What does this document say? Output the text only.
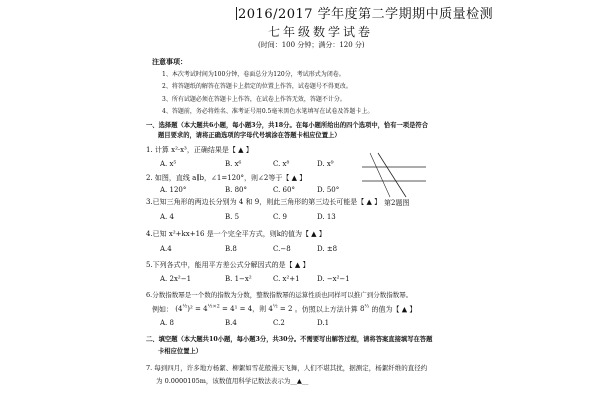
2016/2017 学年度第二学期期中质量检测
七年级数学试卷
(时间：100 分钟；满分：120 分)
注意事项：
1、本次考试时间为100分钟，卷面总分为120分，考试形式为闭卷。
2、将答题纸的解答在答题卡上指定的位置上作答，试卷题号不得更改。
3、所有试题必须在答题卡上作答，在试卷上作答无效，答题不计分。
4、答题前，务必将姓名、准考证号用0.5毫米黑色水笔填写在试卷及答题卡上。
一、选择题（本大题共6小题，每小题3分，共18分。在每小题所给出的四个选项中，恰有一项是符合
题目要求的，请将正确选项的字母代号填涂在答题卡相应位置上）
1. 计算 x²·x³，正确结果是【 ▲ 】
A. x⁵	B. x⁶	C. x⁸	D. x⁹
2. 如图，直线 a∥b，∠1=120°，则∠2等于【 ▲ 】
A. 120°	B. 80°	C. 60°	D. 50°
3.已知三角形的两边长分别为 4 和 9，则此三角形的第三边长可能是【 ▲ 】
A. 4	B. 5	C. 9	D. 13
4.已知 x²+kx+16 是一个完全平方式，则k的值为【 ▲ 】
A.4	B.8	C.−8	D. ±8
5.下列各式中，能用平方差公式分解因式的是【 ▲ 】
A. 2x²−1	B. 1−x²	C. x²+1 D. −x²−1
6.分数指数幂是一个数的指数为分数，整数指数幂的运算性质也同样可以推广到分数指数幂。
例如： $(4^{\frac{1}{2}})^2 = 4^{\frac{1}{2}\times 2} = 4^1 = 4$，则 $4^{\frac{1}{2}} = 2$ 。仿照以上方法计算 $8^{\frac{1}{3}}$ 的值为【 ▲ 】
A. 8	B.4	C.2	D.1
第2题图
二、填空题（本大题共10小题，每小题3分，共30分。不需要写出解答过程，请将答案直接填写在答题
卡相应位置上）
7. 每到四月，许多地方杨絮、柳絮如雪花般漫天飞舞，人们不堪其扰，据测定，杨絮纤维的直径约
为 0.0000105m，该数值用科学记数法表示为__▲__
